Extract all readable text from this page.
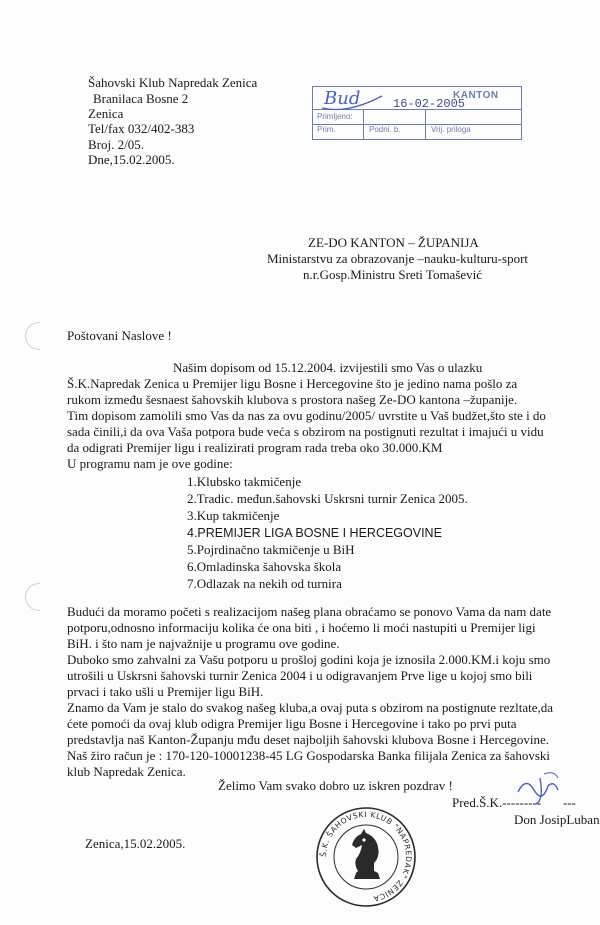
Šahovski Klub Napredak Zenica
Branilaca Bosne 2
Zenica
Tel/fax 032/402-383
Broj. 2/05.
Dne,15.02.2005.
KANTON
16-02-2005
Primljeno:
Prim.	Podni. b.	Vrij. priloga
Bud
ZE-DO KANTON – ŽUPANIJA
Ministarstvu za obrazovanje –nauku-kulturu-sport
n.r.Gosp.Ministru Sreti Tomašević
Poštovani Naslove !
Našim dopisom od 15.12.2004. izvijestili smo Vas o ulazku
Š.K.Napredak Zenica u Premijer ligu Bosne i Hercegovine što je jedino nama pošlo za
rukom između šesnaest šahovskih klubova s prostora našeg Ze-DO kantona –županije.
Tim dopisom zamolili smo Vas da nas za ovu godinu/2005/ uvrstite u Vaš budžet,što ste i do
sada činili,i da ova Vaša potpora bude veća s obzirom na postignuti rezultat i imajući u vidu
da odigrati Premijer ligu i realizirati program rada treba oko 30.000.KM
U programu nam je ove godine:
1.Klubsko takmičenje
2.Tradic. međun.šahovski Uskrsni turnir Zenica 2005.
3.Kup takmičenje
4.PREMIJER LIGA BOSNE I HERCEGOVINE
5.Pojrdinačno takmičenje u BiH
6.Omladinska šahovska škola
7.Odlazak na nekih od turnira
Budući da moramo početi s realizacijom našeg plana obraćamo se ponovo Vama da nam date
potporu,odnosno informaciju kolika će ona biti , i hoćemo li moći nastupiti u Premijer ligi
BiH. i što nam je najvažnije u programu ove godine.
Duboko smo zahvalni za Vašu potporu u prošloj godini koja je iznosila 2.000.KM.i koju smo
utrošili u Uskrsni šahovski turnir Zenica 2004 i u odigravanjem Prve lige u kojoj smo bili
prvaci i tako ušli u Premijer ligu BiH.
Znamo da Vam je stalo do svakog našeg kluba,a ovaj puta s obzirom na postignute rezltate,da
ćete pomoći da ovaj klub odigra Premijer ligu Bosne i Hercegovine i tako po prvi puta
predstavlja naš Kanton-Županju mđu deset najboljih šahovski klubova Bosne i Hercegovine.
Naš žiro račun je : 170-120-10001238-45 LG Gospodarska Banka filijala Zenica za šahovski
klub Napredak Zenica.
Želimo Vam svako dobro uz iskren pozdrav !
Pred.Š.K.--------- ---
Don JosipLuban
Zenica,15.02.2005.
Š.K. ŠAHOVSKI KLUB "NAPREDAK" ZENICA
